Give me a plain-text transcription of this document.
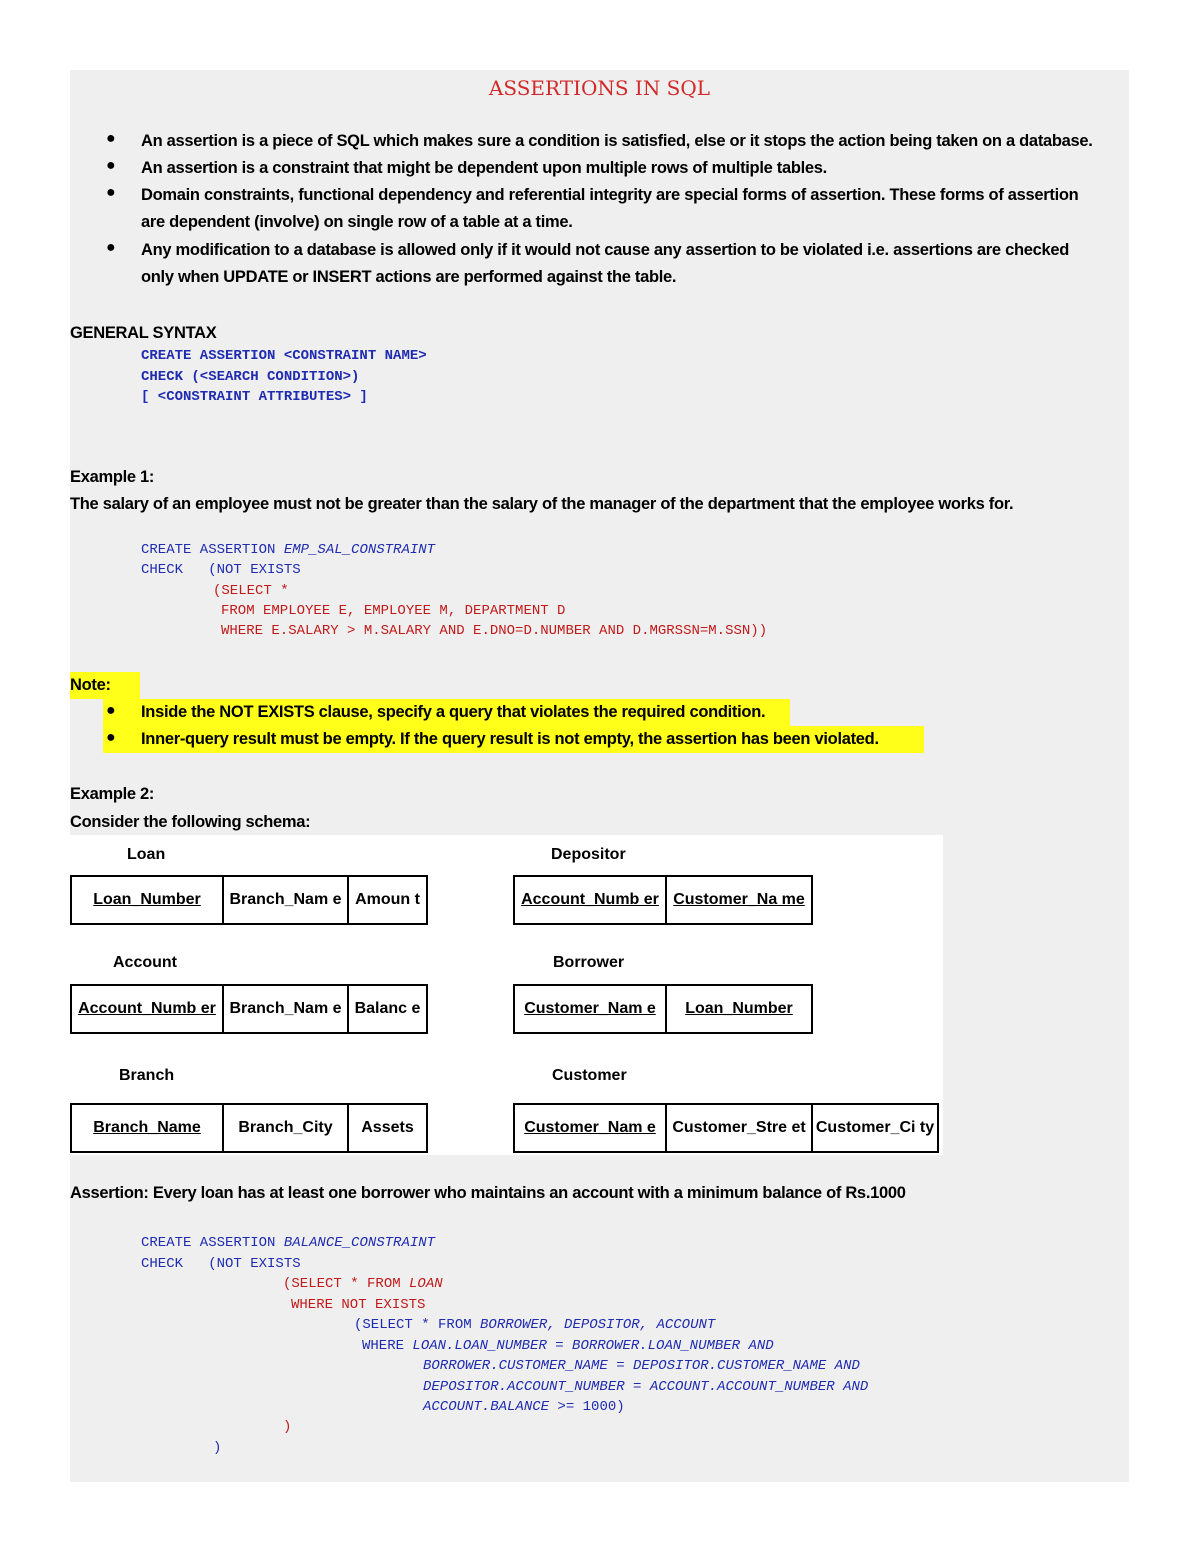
ASSERTIONS IN SQL
● An assertion is a piece of SQL which makes sure a condition is satisfied, else or it stops the action being taken on a database.
● An assertion is a constraint that might be dependent upon multiple rows of multiple tables.
● Domain constraints, functional dependency and referential integrity are special forms of assertion. These forms of assertion
are dependent (involve) on single row of a table at a time.
● Any modification to a database is allowed only if it would not cause any assertion to be violated i.e. assertions are checked
only when UPDATE or INSERT actions are performed against the table.
GENERAL SYNTAX
CREATE ASSERTION <CONSTRAINT NAME>
CHECK (<SEARCH CONDITION>)
[ <CONSTRAINT ATTRIBUTES> ]
Example 1:
The salary of an employee must not be greater than the salary of the manager of the department that the employee works for.
CREATE ASSERTION EMP_SAL_CONSTRAINT
CHECK   (NOT EXISTS
(SELECT *
FROM EMPLOYEE E, EMPLOYEE M, DEPARTMENT D
WHERE E.SALARY > M.SALARY AND E.DNO=D.NUMBER AND D.MGRSSN=M.SSN))
Note:
● Inside the NOT EXISTS clause, specify a query that violates the required condition.
● Inner-query result must be empty. If the query result is not empty, the assertion has been violated.
Example 2:
Consider the following schema:
Loan
Loan_Number	Branch_Nam e	Amoun t
Depositor
Account_Numb er	Customer_Na me
Account
Account_Numb er	Branch_Nam e	Balanc e
Borrower
Customer_Nam e	Loan_Number
Branch
Branch_Name	Branch_City	Assets
Customer
Customer_Nam e	Customer_Stre et	Customer_Ci ty
Assertion: Every loan has at least one borrower who maintains an account with a minimum balance of Rs.1000
CREATE ASSERTION BALANCE_CONSTRAINT
CHECK   (NOT EXISTS
(SELECT * FROM LOAN
WHERE NOT EXISTS
(SELECT * FROM BORROWER, DEPOSITOR, ACCOUNT
WHERE LOAN.LOAN_NUMBER = BORROWER.LOAN_NUMBER AND
BORROWER.CUSTOMER_NAME = DEPOSITOR.CUSTOMER_NAME AND
DEPOSITOR.ACCOUNT_NUMBER = ACCOUNT.ACCOUNT_NUMBER AND
ACCOUNT.BALANCE >= 1000)
)
)
